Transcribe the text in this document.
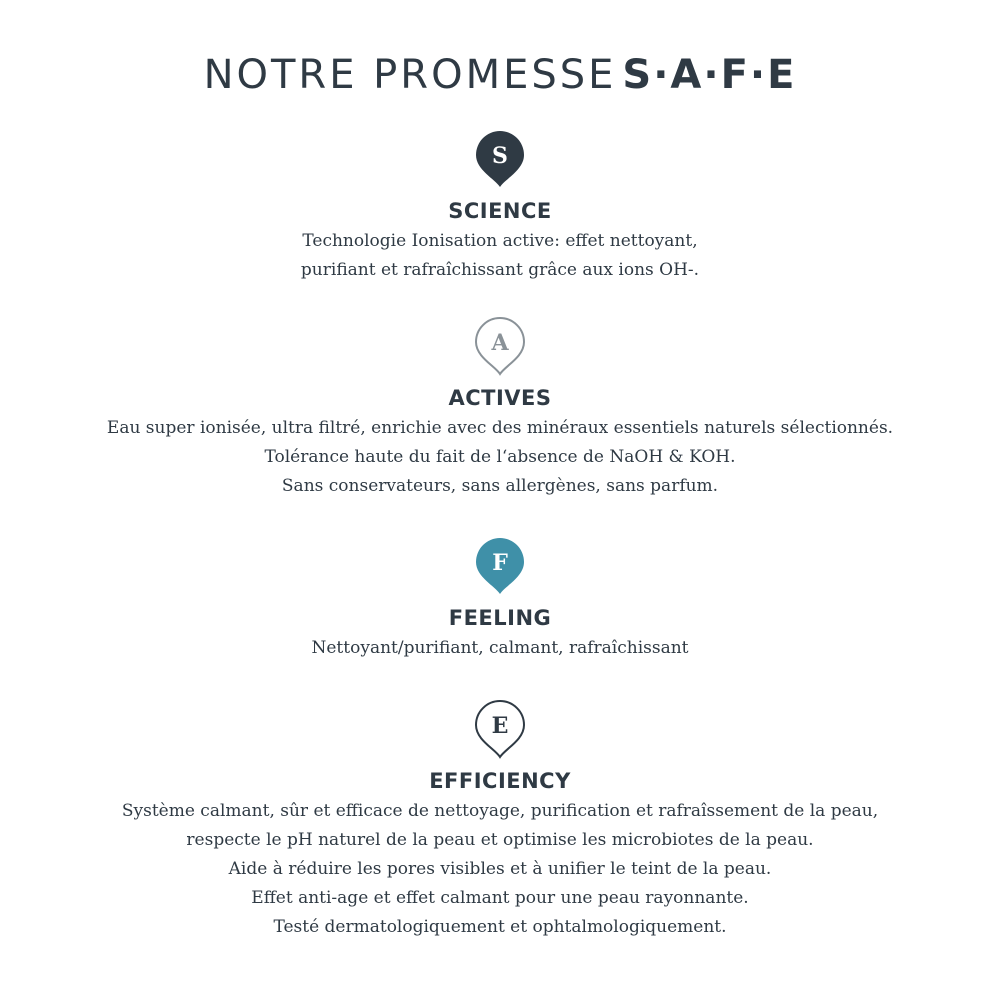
NOTRE PROMESSE S·A·F·E
S
SCIENCE
Technologie Ionisation active: effet nettoyant,
purifiant et rafraîchissant grâce aux ions OH-.
A
ACTIVES
Eau super ionisée, ultra filtré, enrichie avec des minéraux essentiels naturels sélectionnés.
Tolérance haute du fait de l‘absence de NaOH & KOH.
Sans conservateurs, sans allergènes, sans parfum.
F
FEELING
Nettoyant/purifiant, calmant, rafraîchissant
E
EFFICIENCY
Système calmant, sûr et efficace de nettoyage, purification et rafraîssement de la peau,
respecte le pH naturel de la peau et optimise les microbiotes de la peau.
Aide à réduire les pores visibles et à unifier le teint de la peau.
Effet anti-age et effet calmant pour une peau rayonnante.
Testé dermatologiquement et ophtalmologiquement.
